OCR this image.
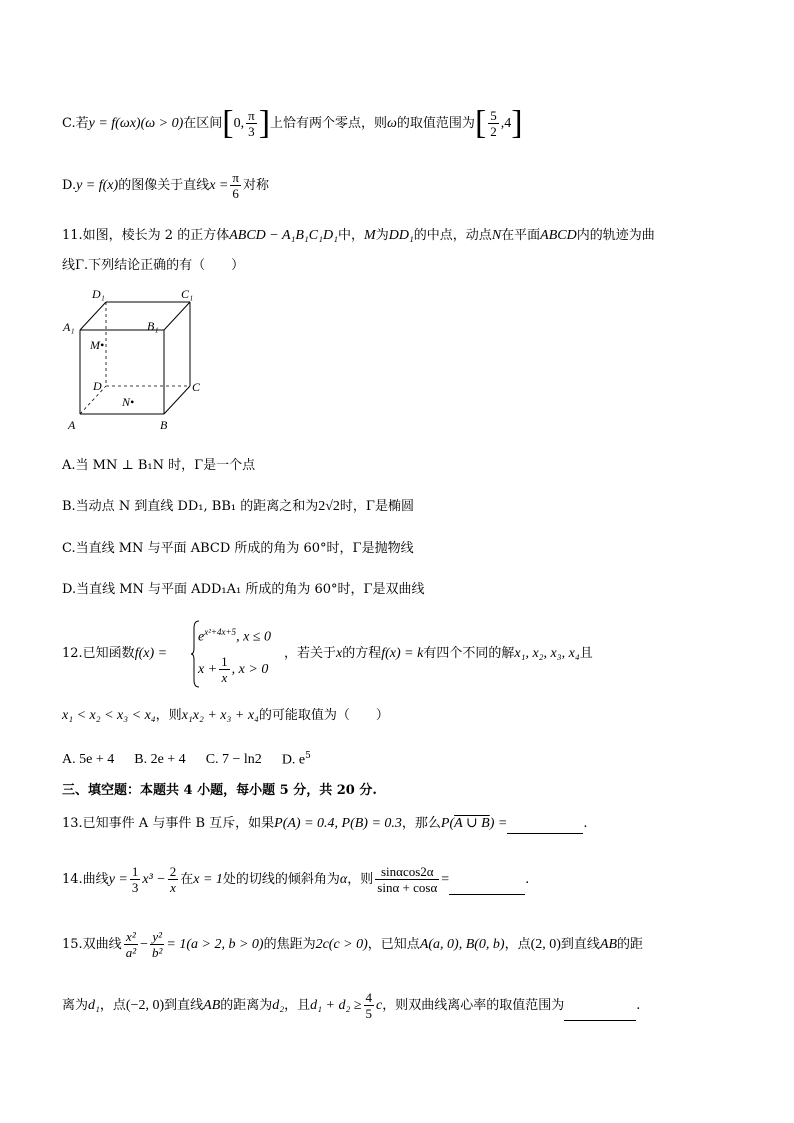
C.若y = f(ωx)(ω > 0)在区间[0, $\frac{\pi}{3}$ ]上恰有两个零点，则ω的取值范围为[ $\frac{5}{2} ,4$]
D.y = f(x)的图像关于直线$x = \frac{\pi}{6}$ 对称
11.如图，棱长为 2 的正方体ABCD − A₁B₁C₁D₁中，M为DD₁的中点，动点N在平面ABCD内的轨迹为曲
线Γ.下列结论正确的有（　　）
D₁	C₁
A₁	B₁
M•
D	C
N•
A	B
A.当 MN ⊥ B₁N 时，Γ是一个点
B.当动点 N 到直线 DD₁, BB₁ 的距离之和为2√2时，Γ是椭圆
C.当直线 MN 与平面 ABCD 所成的角为 60°时，Γ是抛物线
D.当直线 MN 与平面 ADD₁A₁ 所成的角为 60°时，Γ是双曲线
12.已知函数f(x) =
$e^{x^2+4x+5}$, x ≤ 0
$x + \frac{1}{x}$ , x > 0
，若关于x的方程f(x) = k有四个不同的解x₁, x₂, x₃, x₄且
x₁ < x₂ < x₃ < x₄，则x₁x₂ + x₃ + x₄的可能取值为（　　）
A. 5e + 4 B. 2e + 4 C. 7 − ln2 D. $e^5$
三、填空题：本题共 4 小题，每小题 5 分，共 20 分.
13.已知事件 A 与事件 B 互斥，如果P(A) = 0.4, P(B) = 0.3，那么P(A ∪ B) =	.
14.曲线$y = \frac{1}{3} x^3 - \frac{2}{x}$ 在x = 1处的切线的倾斜角为α，则 $\frac{\sin\alpha\cos 2\alpha}{\sin\alpha + \cos\alpha}$ =	.
15.双曲线 $\frac{\text{x²}}{\text{a²}} - \frac{\text{y²}}{\text{b²}} = 1(a > 2$, b > 0)的焦距为2c(c > 0)，已知点A(a, 0), B(0, b)，点(2, 0)到直线AB的距
离为d₁，点(−2, 0)到直线AB的距离为d₂，且$d_1 + d_2 \ge \frac{4}{5}$ c，则双曲线离心率的取值范围为	.
